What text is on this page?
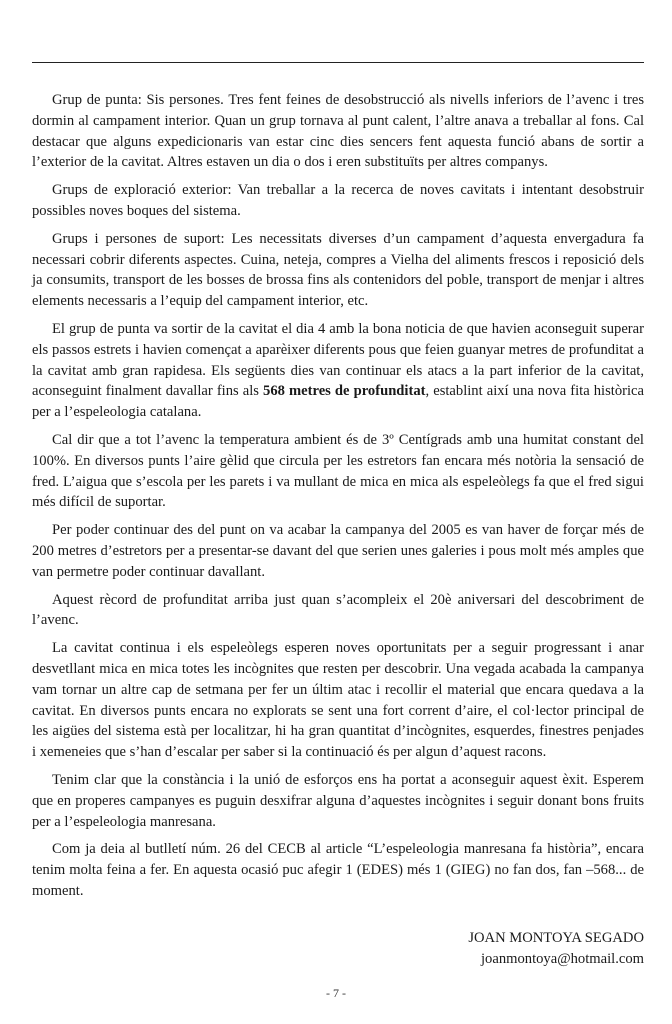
Grup de punta: Sis persones. Tres fent feines de desobstrucció als nivells inferiors de l’avenc i tres dormin al campament interior. Quan un grup tornava al punt calent, l’altre anava a treballar al fons. Cal destacar que alguns expedicionaris van estar cinc dies sencers fent aquesta funció abans de sortir a l’exterior de la cavitat. Altres estaven un dia o dos i eren substituïts per altres companys.

Grups de exploració exterior: Van treballar a la recerca de noves cavitats i intentant desobstruir possibles noves boques del sistema.

Grups i persones de suport: Les necessitats diverses d’un campament d’aquesta envergadura fa necessari cobrir diferents aspectes. Cuina, neteja, compres a Vielha del aliments frescos i reposició dels ja consumits, transport de les bosses de brossa fins als contenidors del poble, transport de menjar i altres elements necessaris a l’equip del campament interior, etc.

El grup de punta va sortir de la cavitat el dia 4 amb la bona noticia de que havien aconseguit superar els passos estrets i havien començat a aparèixer diferents pous que feien guanyar metres de profunditat a la cavitat amb gran rapidesa. Els següents dies van continuar els atacs a la part inferior de la cavitat, aconseguint finalment davallar fins als 568 metres de profunditat, establint així una nova fita històrica per a l’espeleologia catalana.

Cal dir que a tot l’avenc la temperatura ambient és de 3º Centígrads amb una humitat constant del 100%. En diversos punts l’aire gèlid que circula per les estretors fan encara més notòria la sensació de fred. L’aigua que s’escola per les parets i va mullant de mica en mica als espeleòlegs fa que el fred sigui més difícil de suportar.

Per poder continuar des del punt on va acabar la campanya del 2005 es van haver de forçar més de 200 metres d’estretors per a presentar-se davant del que serien unes galeries i pous molt més amples que van permetre poder continuar davallant.

Aquest rècord de profunditat arriba just quan s’acompleix el 20è aniversari del descobriment de l’avenc.

La cavitat continua i els espeleòlegs esperen noves oportunitats per a seguir progressant i anar desvetllant mica en mica totes les incògnites que resten per descobrir. Una vegada acabada la campanya vam tornar un altre cap de setmana per fer un últim atac i recollir el material que encara quedava a la cavitat. En diversos punts encara no explorats se sent una fort corrent d’aire, el col·lector principal de les aigües del sistema està per localitzar, hi ha gran quantitat d’incògnites, esquerdes, finestres penjades i xemeneies que s’han d’escalar per saber si la continuació és per algun d’aquest racons.

Tenim clar que la constància i la unió de esforços ens ha portat a aconseguir aquest èxit. Esperem que en properes campanyes es puguin desxifrar alguna d’aquestes incògnites i seguir donant bons fruits per a l’espeleologia manresana.

Com ja deia al butlletí núm. 26 del CECB al article “L’espeleologia manresana fa història”, encara tenim molta feina a fer. En aquesta ocasió puc afegir 1 (EDES) més 1 (GIEG) no fan dos, fan –568... de moment.

JOAN MONTOYA SEGADO
joanmontoya@hotmail.com
- 7 -
